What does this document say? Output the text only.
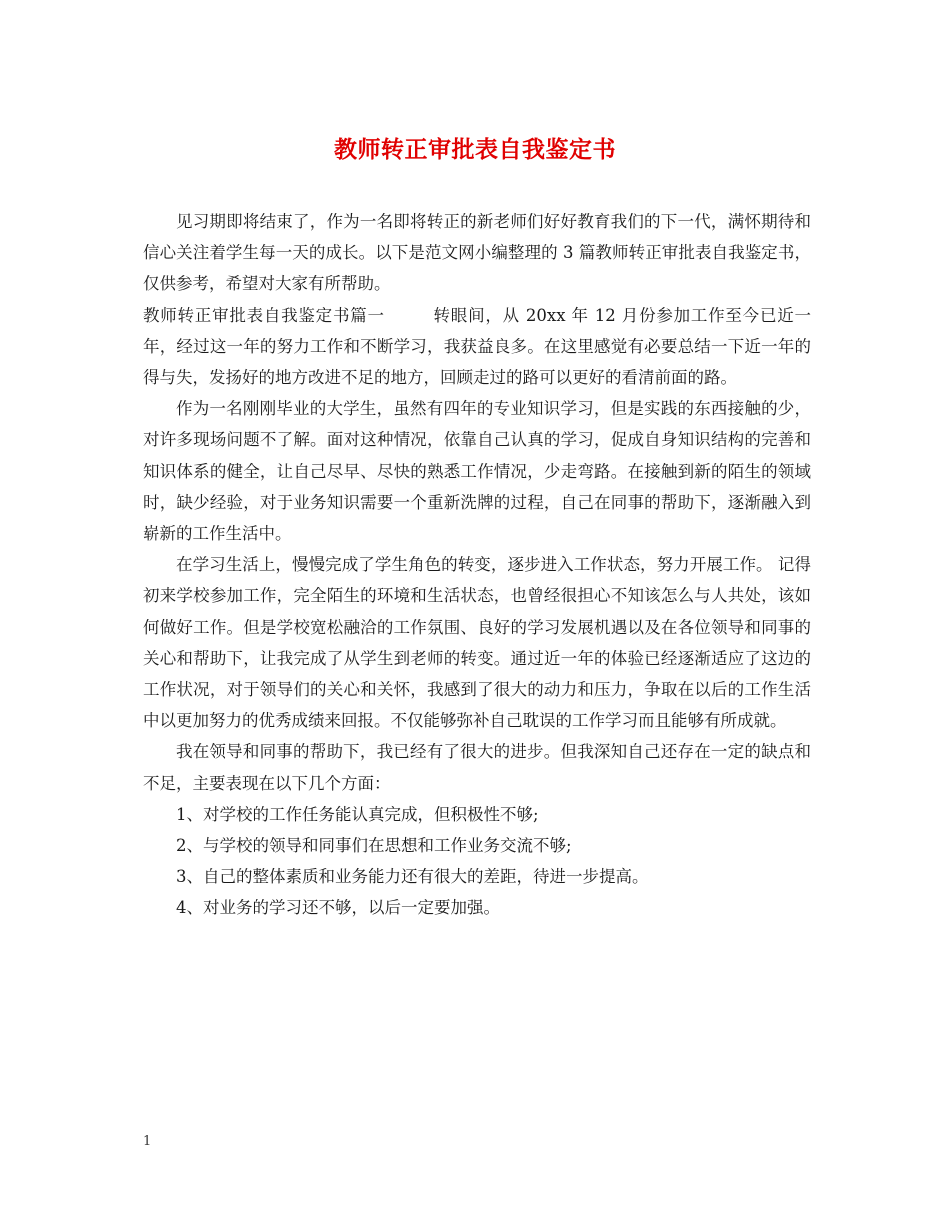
教师转正审批表自我鉴定书

见习期即将结束了，作为一名即将转正的新老师们好好教育我们的下一代，满怀期待和信心关注着学生每一天的成长。以下是范文网小编整理的 3 篇教师转正审批表自我鉴定书，仅供参考，希望对大家有所帮助。

教师转正审批表自我鉴定书篇一	转眼间，从 20xx 年 12 月份参加工作至今已近一年，经过这一年的努力工作和不断学习，我获益良多。在这里感觉有必要总结一下近一年的得与失，发扬好的地方改进不足的地方，回顾走过的路可以更好的看清前面的路。

作为一名刚刚毕业的大学生，虽然有四年的专业知识学习，但是实践的东西接触的少，对许多现场问题不了解。面对这种情况，依靠自己认真的学习，促成自身知识结构的完善和知识体系的健全，让自己尽早、尽快的熟悉工作情况，少走弯路。在接触到新的陌生的领域时，缺少经验，对于业务知识需要一个重新洗牌的过程，自己在同事的帮助下，逐渐融入到崭新的工作生活中。

在学习生活上，慢慢完成了学生角色的转变，逐步进入工作状态，努力开展工作。 记得初来学校参加工作，完全陌生的环境和生活状态，也曾经很担心不知该怎么与人共处，该如何做好工作。但是学校宽松融洽的工作氛围、良好的学习发展机遇以及在各位领导和同事的关心和帮助下，让我完成了从学生到老师的转变。通过近一年的体验已经逐渐适应了这边的工作状况，对于领导们的关心和关怀，我感到了很大的动力和压力，争取在以后的工作生活中以更加努力的优秀成绩来回报。不仅能够弥补自己耽误的工作学习而且能够有所成就。

我在领导和同事的帮助下，我已经有了很大的进步。但我深知自己还存在一定的缺点和不足，主要表现在以下几个方面：

1、对学校的工作任务能认真完成，但积极性不够;

2、与学校的领导和同事们在思想和工作业务交流不够;

3、自己的整体素质和业务能力还有很大的差距，待进一步提高。

4、对业务的学习还不够，以后一定要加强。

1
